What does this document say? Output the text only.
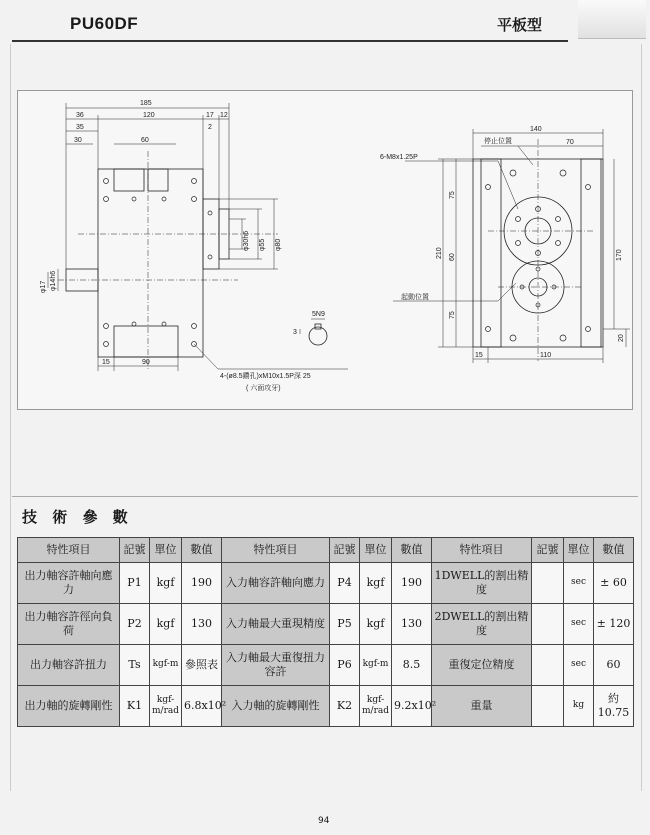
PU60DF	平板型
185
36	120	17 12
35	2
30	60
φ30h6 φ55 φ80
φ14h6
φ17
15	90
4-(ø8.5鑽孔)xM10x1.5P深 25
( 六面攻牙)
5N9
3
140
70
210
75
60
75
170
20
15	110
6-M8x1.25P
停止位置
起動位置
技 術 參 數
特性項目	記號	單位	數值	特性項目	記號	單位	數值	特性項目	記號	單位	數值
出力軸容許軸向應力	P1	kgf	190	入力軸容許軸向應力	P4	kgf	190	1DWELL的割出精度		sec	± 60
出力軸容許徑向負荷	P2	kgf	130	入力軸最大重現精度	P5	kgf	130	2DWELL的割出精度		sec	± 120
出力軸容許扭力	Ts	kgf-m	參照表	入力軸最大重復扭力容許	P6	kgf-m	8.5	重復定位精度		sec	60
出力軸的旋轉剛性	K1	kgf-m/rad	6.8x10²	入力軸的旋轉剛性	K2	kgf-m/rad	9.2x10²	重量		kg	約 10.75
94
